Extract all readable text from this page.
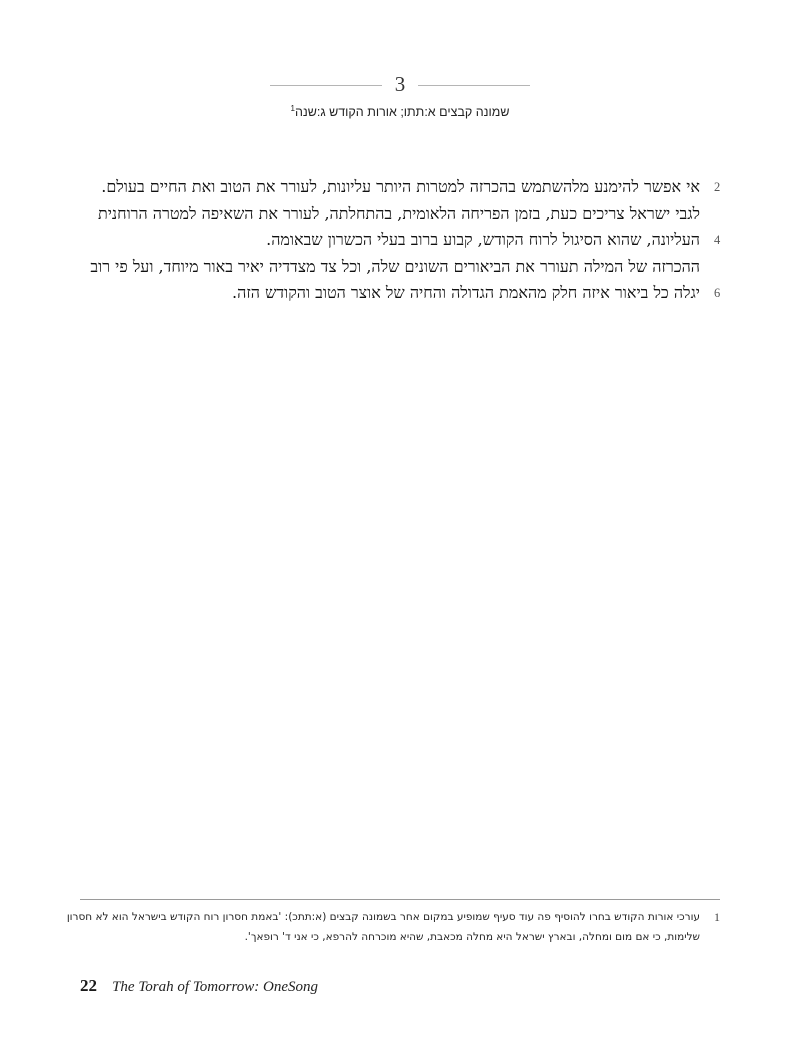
3
שמונה קבצים א:תתו; אורות הקודש ג:שנה$^1$
אי אפשר להימנע מלהשתמש בהכרזה למטרות היותר עליונות, לעורר את הטוב ואת החיים בעולם. 2
לגבי ישראל צריכים כעת, בזמן הפריחה הלאומית, בהתחלתה, לעורר את השאיפה למטרה הרוחנית
העליונה, שהוא הסיגול לרוח הקודש, קבוע ברוב בעלי הכשרון שבאומה. 4
ההכרזה של המילה תעורר את הביאורים השונים שלה, וכל צד מצדדיה יאיר באור מיוחד, ועל פי רוב
יגלה כל ביאור איזה חלק מהאמת הגדולה והחיה של אוצר הטוב והקודש הזה. 6
1
עורכי אורות הקודש בחרו להוסיף פה עוד סעיף שמופיע במקום אחר בשמונה קבצים (א:תתכ): 'באמת חסרון רוח הקודש בישראל הוא לא חסרון
שלימות, כי אם מום ומחלה, ובארץ ישראל היא מחלה מכאבת, שהיא מוכרחה להרפא, כי אני ד' רופאך'.
22 The Torah of Tomorrow: OneSong
